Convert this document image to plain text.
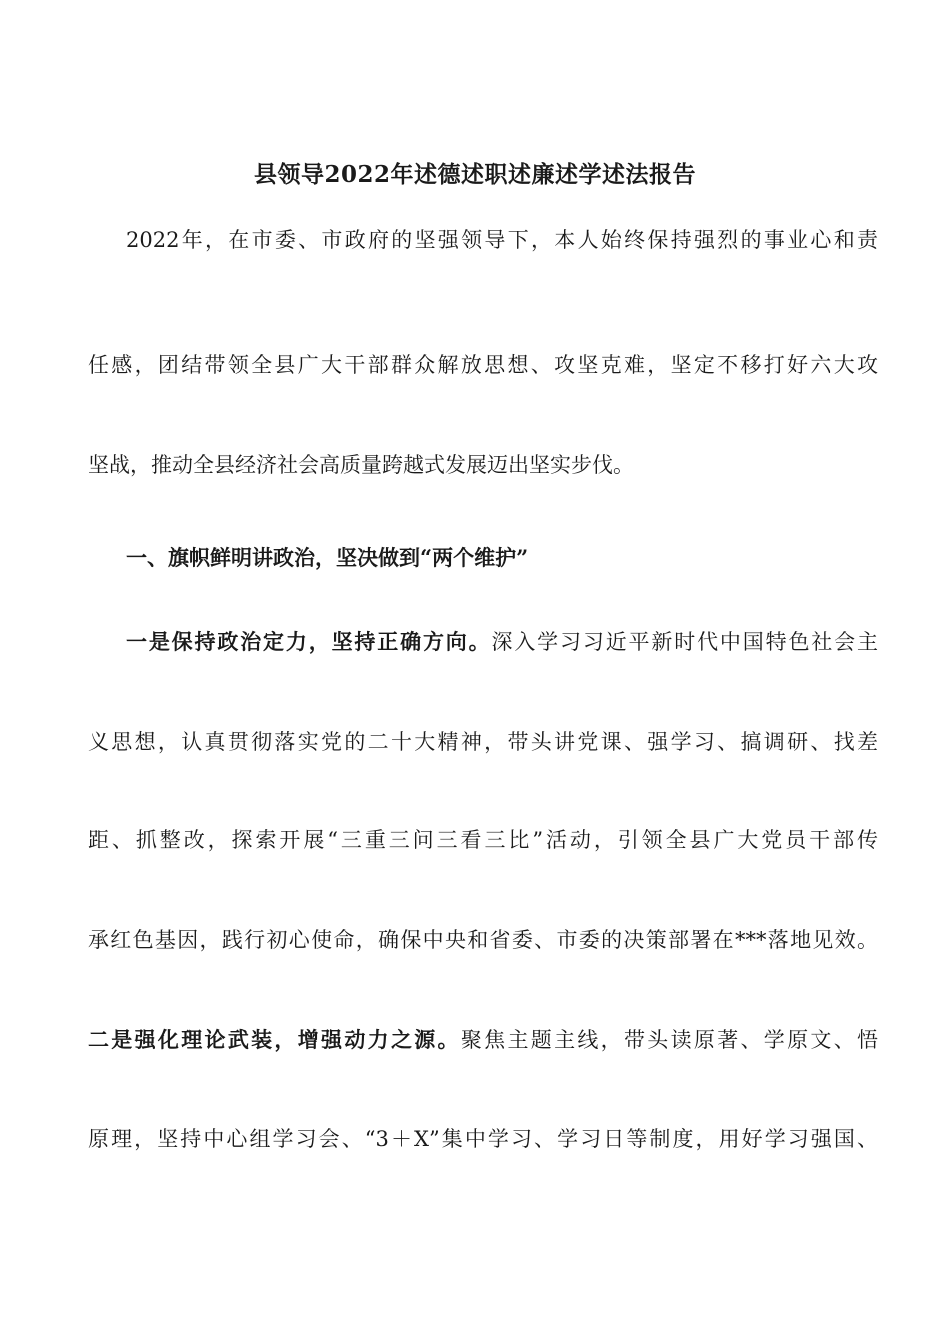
县领导2022年述德述职述廉述学述法报告
2022年，在市委、市政府的坚强领导下，本人始终保持强烈的事业心和责
任感，团结带领全县广大干部群众解放思想、攻坚克难，坚定不移打好六大攻
坚战，推动全县经济社会高质量跨越式发展迈出坚实步伐。
一、旗帜鲜明讲政治，坚决做到“两个维护”
一是保持政治定力，坚持正确方向。深入学习习近平新时代中国特色社会主
义思想，认真贯彻落实党的二十大精神，带头讲党课、强学习、搞调研、找差
距、抓整改，探索开展“三重三问三看三比”活动，引领全县广大党员干部传
承红色基因，践行初心使命，确保中央和省委、市委的决策部署在***落地见效。
二是强化理论武装，增强动力之源。聚焦主题主线，带头读原著、学原文、悟
原理，坚持中心组学习会、“3＋X”集中学习、学习日等制度，用好学习强国、
